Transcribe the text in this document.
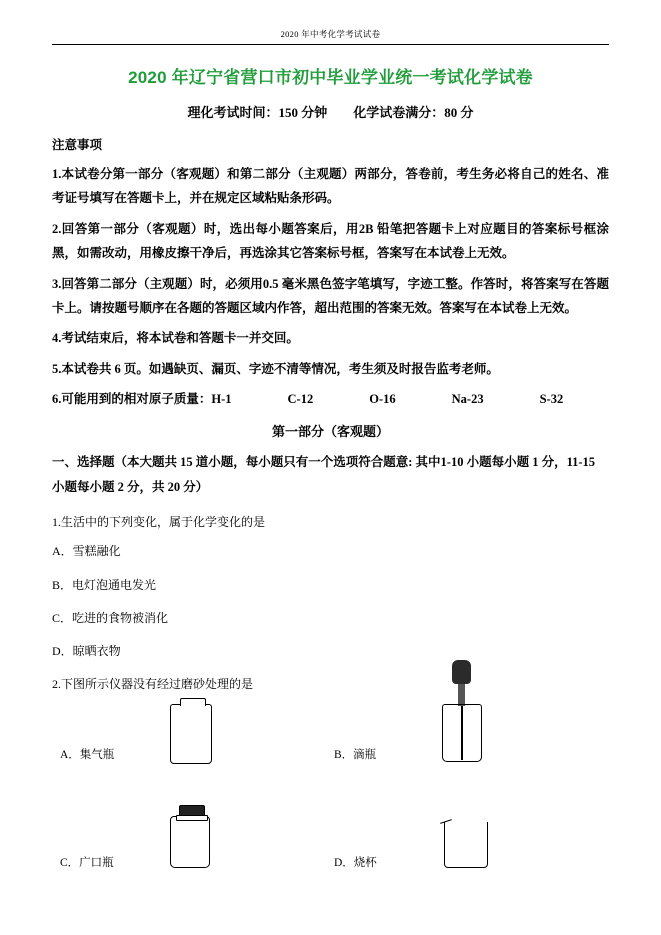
2020 年中考化学考试试卷
2020 年辽宁省营口市初中毕业学业统一考试化学试卷
理化考试时间：150 分钟 化学试卷满分：80 分
注意事项

1.本试卷分第一部分（客观题）和第二部分（主观题）两部分，答卷前，考生务必将自己的姓名、准考证号填写在答题卡上，并在规定区域粘贴条形码。

2.回答第一部分（客观题）时，选出每小题答案后，用2B 铅笔把答题卡上对应题目的答案标号框涂黑，如需改动，用橡皮擦干净后，再选涂其它答案标号框，答案写在本试卷上无效。

3.回答第二部分（主观题）时，必须用0.5 毫米黑色签字笔填写，字迹工整。作答时，将答案写在答题卡上。请按题号顺序在各题的答题区域内作答，超出范围的答案无效。答案写在本试卷上无效。

4.考试结束后，将本试卷和答题卡一并交回。

5.本试卷共 6 页。如遇缺页、漏页、字迹不清等情况，考生须及时报告监考老师。

6.可能用到的相对原子质量：H-1	C-12	O-16	Na-23	S-32

第一部分（客观题）

一、选择题（本大题共 15 道小题，每小题只有一个选项符合题意: 其中1-10 小题每小题 1 分，11-15 小题每小题 2 分，共 20 分）

1.生活中的下列变化，属于化学变化的是

A．雪糕融化

B．电灯泡通电发光

C．吃进的食物被消化

D．晾晒衣物

2.下图所示仪器没有经过磨砂处理的是

A．集气瓶	B．滴瓶
C．广口瓶	D．烧杯
